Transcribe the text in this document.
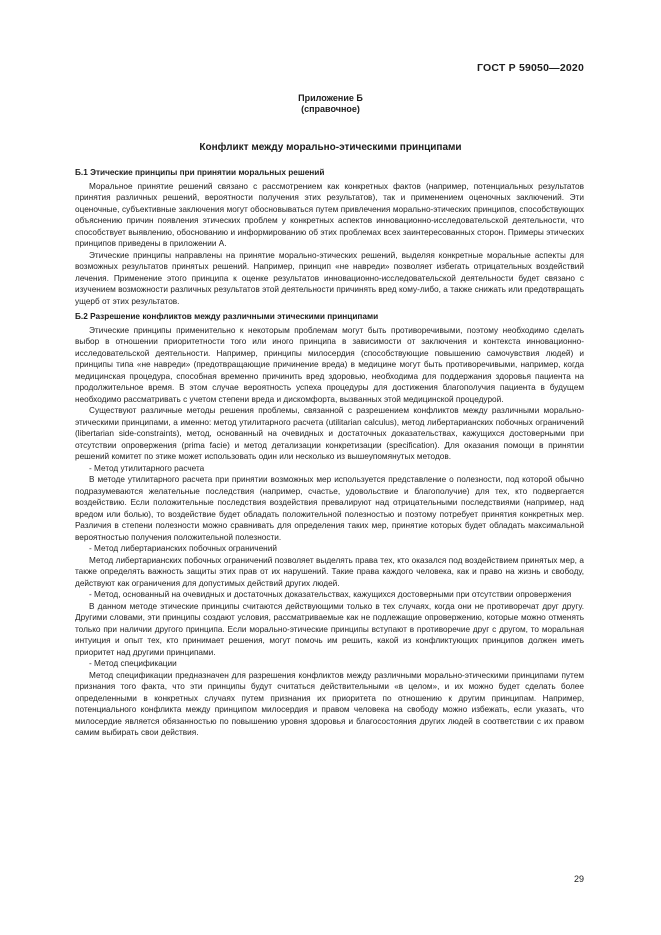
ГОСТ Р 59050—2020
Приложение Б
(справочное)
Конфликт между морально-этическими принципами
Б.1 Этические принципы при принятии моральных решений

Моральное принятие решений связано с рассмотрением как конкретных фактов (например, потенциальных результатов принятия различных решений, вероятности получения этих результатов), так и применением оценочных заключений. Эти оценочные, субъективные заключения могут обосновываться путем привлечения морально-этических принципов, способствующих объяснению причин появления этических проблем у конкретных аспектов инновационно-исследовательской деятельности, что способствует выявлению, обоснованию и информированию об этих проблемах всех заинтересованных сторон. Примеры этических принципов приведены в приложении А.

Этические принципы направлены на принятие морально-этических решений, выделяя конкретные моральные аспекты для возможных результатов принятых решений. Например, принцип «не навреди» позволяет избегать отрицательных воздействий лечения. Применение этого принципа к оценке результатов инновационно-исследовательской деятельности будет связано с изучением возможности различных результатов этой деятельности причинять вред кому-либо, а также снижать или предотвращать ущерб от этих результатов.

Б.2 Разрешение конфликтов между различными этическими принципами

Этические принципы применительно к некоторым проблемам могут быть противоречивыми, поэтому необходимо сделать выбор в отношении приоритетности того или иного принципа в зависимости от заключения и контекста инновационно-исследовательской деятельности. Например, принципы милосердия (способствующие повышению самочувствия людей) и принципы типа «не навреди» (предотвращающие причинение вреда) в медицине могут быть противоречивыми, например, когда медицинская процедура, способная временно причинить вред здоровью, необходима для поддержания здоровья пациента на продолжительное время. В этом случае вероятность успеха процедуры для достижения благополучия пациента в будущем необходимо рассматривать с учетом степени вреда и дискомфорта, вызванных этой медицинской процедурой.

Существуют различные методы решения проблемы, связанной с разрешением конфликтов между различными морально-этическими принципами, а именно: метод утилитарного расчета (utilitarian calculus), метод либертарианских побочных ограничений (libertarian side-constraints), метод, основанный на очевидных и достаточных доказательствах, кажущихся достоверными при отсутствии опровержения (prima facie) и метод детализации конкретизации (specification). Для оказания помощи в принятии решений комитет по этике может использовать один или несколько из вышеупомянутых методов.

- Метод утилитарного расчета

В методе утилитарного расчета при принятии возможных мер используется представление о полезности, под которой обычно подразумеваются желательные последствия (например, счастье, удовольствие и благополучие) для тех, кто подвергается воздействию. Если положительные последствия воздействия превалируют над отрицательными последствиями (например, над вредом или болью), то воздействие будет обладать положительной полезностью и поэтому потребует принятия конкретных мер. Различия в степени полезности можно сравнивать для определения таких мер, принятие которых будет обладать максимальной вероятностью получения положительной полезности.

- Метод либертарианских побочных ограничений

Метод либертарианских побочных ограничений позволяет выделять права тех, кто оказался под воздействием принятых мер, а также определять важность защиты этих прав от их нарушений. Такие права каждого человека, как и право на жизнь и свободу, действуют как ограничения для допустимых действий других людей.

- Метод, основанный на очевидных и достаточных доказательствах, кажущихся достоверными при отсутствии опровержения

В данном методе этические принципы считаются действующими только в тех случаях, когда они не противоречат друг другу. Другими словами, эти принципы создают условия, рассматриваемые как не подлежащие опровержению, которые можно отменять только при наличии другого принципа. Если морально-этические принципы вступают в противоречие друг с другом, то моральная интуиция и опыт тех, кто принимает решения, могут помочь им решить, какой из конфликтующих принципов должен иметь приоритет над другими принципами.

- Метод спецификации

Метод спецификации предназначен для разрешения конфликтов между различными морально-этическими принципами путем признания того факта, что эти принципы будут считаться действительными «в целом», и их можно будет сделать более определенными в конкретных случаях путем признания их приоритета по отношению к другим принципам. Например, потенциального конфликта между принципом милосердия и правом человека на свободу можно избежать, если указать, что милосердие является обязанностью по повышению уровня здоровья и благосостояния других людей в соответствии с их правом самим выбирать свои действия.

29
